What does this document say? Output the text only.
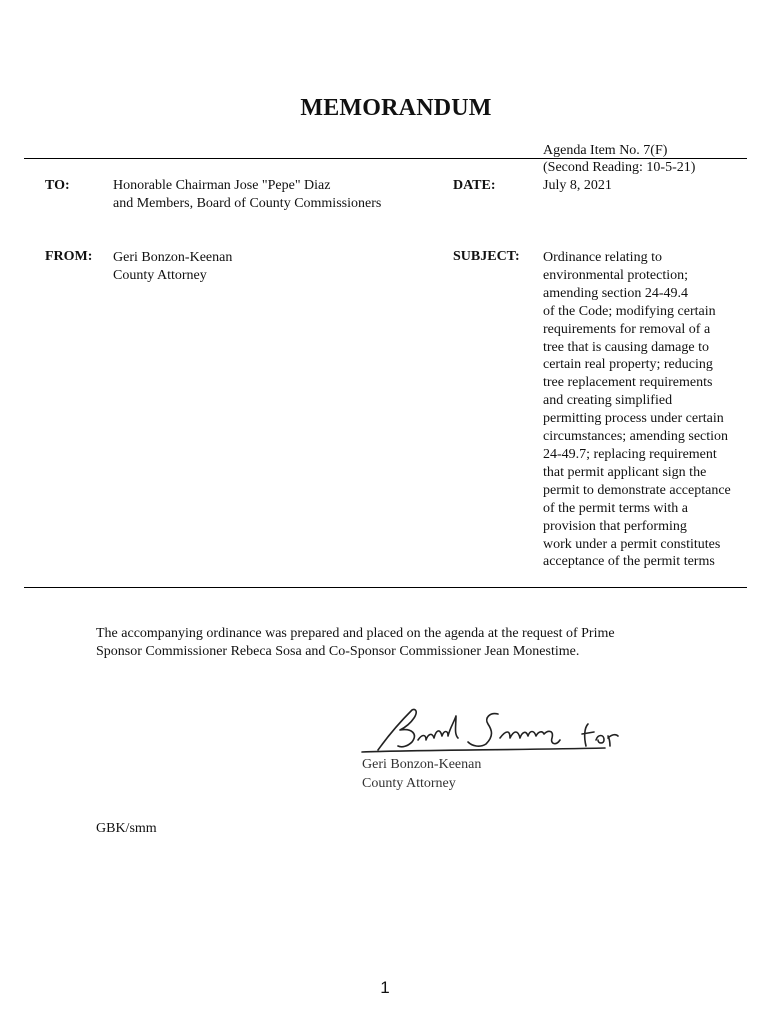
MEMORANDUM
Agenda Item No. 7(F)
(Second Reading: 10-5-21)
TO:	Honorable Chairman Jose "Pepe" Diaz
and Members, Board of County Commissioners
DATE:	July 8, 2021
FROM: Geri Bonzon-Keenan
County Attorney
SUBJECT: Ordinance relating to
environmental protection;
amending section 24-49.4
of the Code; modifying certain
requirements for removal of a
tree that is causing damage to
certain real property; reducing
tree replacement requirements
and creating simplified
permitting process under certain
circumstances; amending section
24-49.7; replacing requirement
that permit applicant sign the
permit to demonstrate acceptance
of the permit terms with a
provision that performing
work under a permit constitutes
acceptance of the permit terms
The accompanying ordinance was prepared and placed on the agenda at the request of Prime
Sponsor Commissioner Rebeca Sosa and Co-Sponsor Commissioner Jean Monestime.
Geri Bonzon-Keenan
County Attorney
GBK/smm
1
